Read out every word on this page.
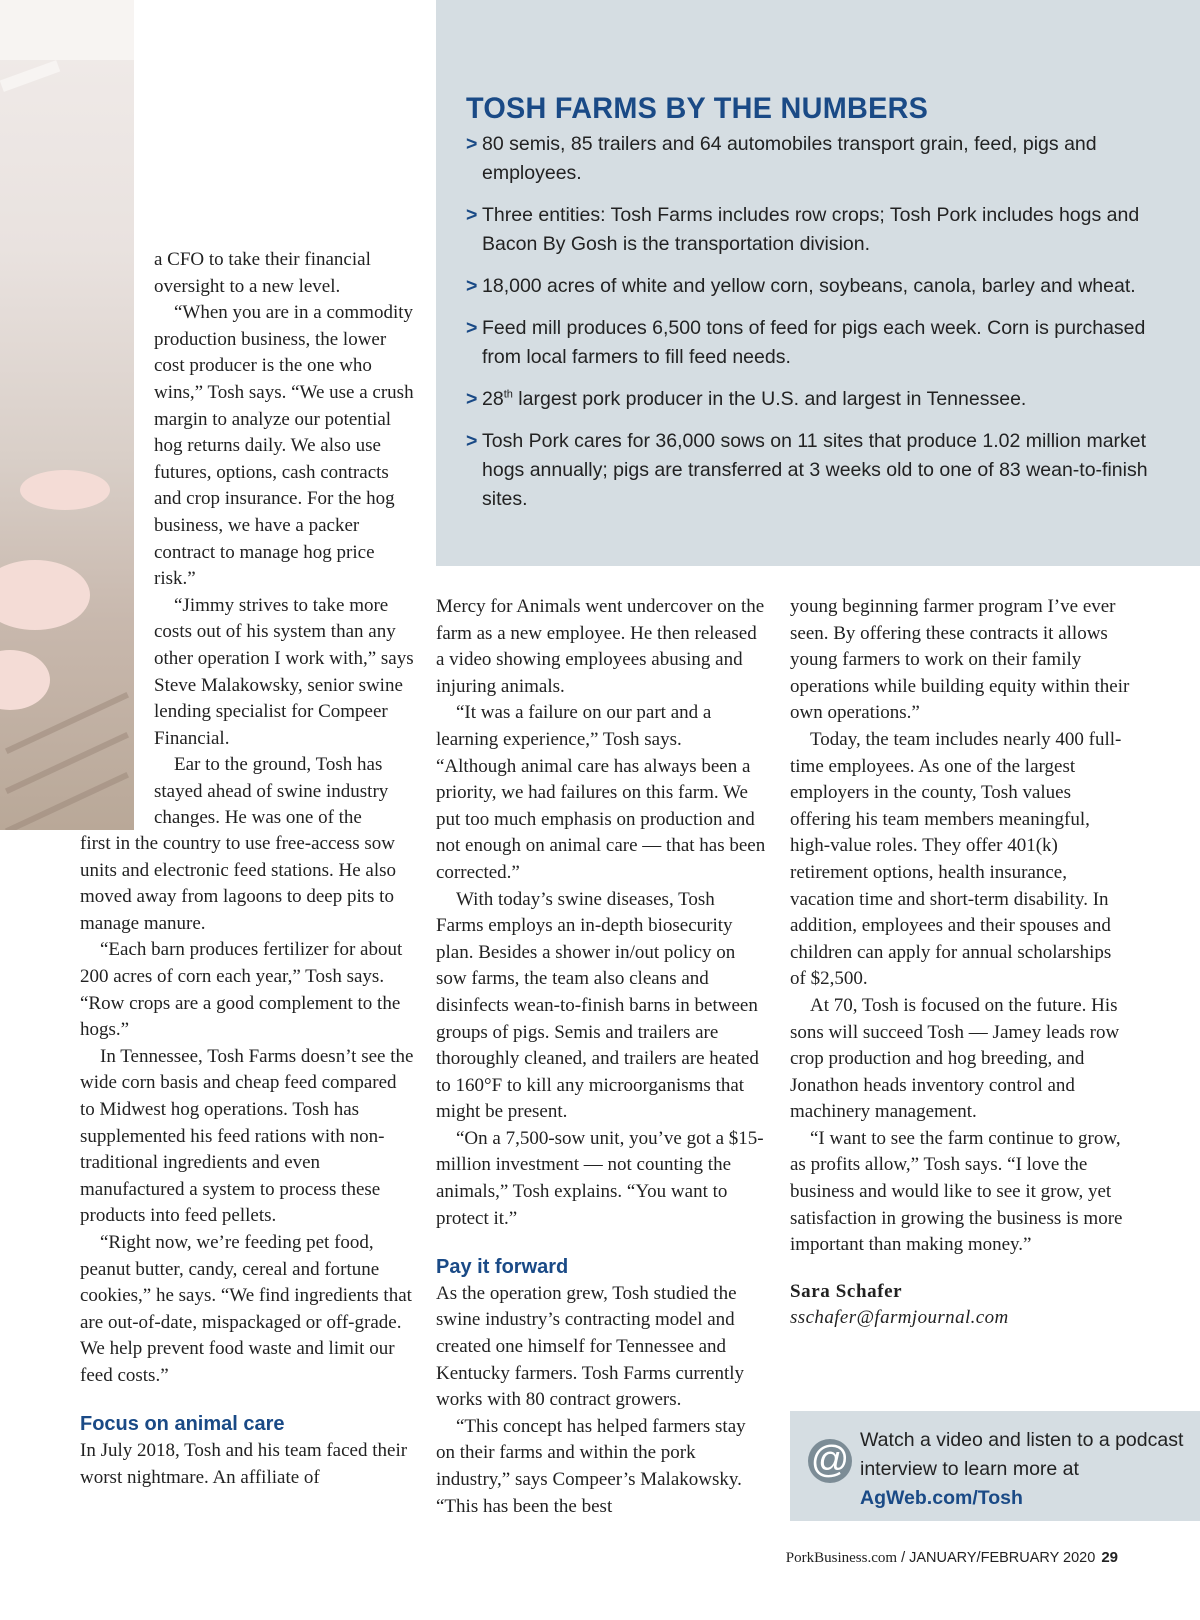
TOSH FARMS BY THE NUMBERS
> 80 semis, 85 trailers and 64 automobiles transport grain, feed, pigs and employees.
> Three entities: Tosh Farms includes row crops; Tosh Pork includes hogs and Bacon By Gosh is the transportation division.
> 18,000 acres of white and yellow corn, soybeans, canola, barley and wheat.
> Feed mill produces 6,500 tons of feed for pigs each week. Corn is purchased from local farmers to fill feed needs.
> 28th largest pork producer in the U.S. and largest in Tennessee.
> Tosh Pork cares for 36,000 sows on 11 sites that produce 1.02 million market hogs annually; pigs are transferred at 3 weeks old to one of 83 wean-to-finish sites.

a CFO to take their financial oversight to a new level.

“When you are in a commodity production business, the lower cost producer is the one who wins,” Tosh says. “We use a crush margin to analyze our potential hog returns daily. We also use futures, options, cash contracts and crop insurance. For the hog business, we have a packer contract to manage hog price risk.”

“Jimmy strives to take more costs out of his system than any other operation I work with,” says Steve Malakowsky, senior swine lending specialist for Compeer Financial.

Ear to the ground, Tosh has stayed ahead of swine industry changes. He was one of the

first in the country to use free-access sow units and electronic feed stations. He also moved away from lagoons to deep pits to manage manure.

“Each barn produces fertilizer for about 200 acres of corn each year,” Tosh says. “Row crops are a good complement to the hogs.”

In Tennessee, Tosh Farms doesn’t see the wide corn basis and cheap feed compared to Midwest hog operations. Tosh has supplemented his feed rations with non-traditional ingredients and even manufactured a system to process these products into feed pellets.

“Right now, we’re feeding pet food, peanut butter, candy, cereal and fortune cookies,” he says. “We find ingredients that are out-of-date, mispackaged or off-grade. We help prevent food waste and limit our feed costs.”

Focus on animal care

In July 2018, Tosh and his team faced their worst nightmare. An affiliate of

Mercy for Animals went undercover on the farm as a new employee. He then released a video showing employees abusing and injuring animals.

“It was a failure on our part and a learning experience,” Tosh says. “Although animal care has always been a priority, we had failures on this farm. We put too much emphasis on production and not enough on animal care — that has been corrected.”

With today’s swine diseases, Tosh Farms employs an in-depth biosecurity plan. Besides a shower in/out policy on sow farms, the team also cleans and disinfects wean-to-finish barns in between groups of pigs. Semis and trailers are thoroughly cleaned, and trailers are heated to 160°F to kill any microorganisms that might be present.

“On a 7,500-sow unit, you’ve got a $15-million investment — not counting the animals,” Tosh explains. “You want to protect it.”

Pay it forward

As the operation grew, Tosh studied the swine industry’s contracting model and created one himself for Tennessee and Kentucky farmers. Tosh Farms currently works with 80 contract growers.

“This concept has helped farmers stay on their farms and within the pork industry,” says Compeer’s Malakowsky. “This has been the best

young beginning farmer program I’ve ever seen. By offering these contracts it allows young farmers to work on their family operations while building equity within their own operations.”

Today, the team includes nearly 400 full-time employees. As one of the largest employers in the county, Tosh values offering his team members meaningful, high-value roles. They offer 401(k) retirement options, health insurance, vacation time and short-term disability. In addition, employees and their spouses and children can apply for annual scholarships of $2,500.

At 70, Tosh is focused on the future. His sons will succeed Tosh — Jamey leads row crop production and hog breeding, and Jonathon heads inventory control and machinery management.

“I want to see the farm continue to grow, as profits allow,” Tosh says. “I love the business and would like to see it grow, yet satisfaction in growing the business is more important than making money.”

Sara Schafer
sschafer@farmjournal.com
@ Watch a video and listen to a podcast interview to learn more at AgWeb.com/Tosh
PorkBusiness.com / JANUARY/FEBRUARY 2020 29
